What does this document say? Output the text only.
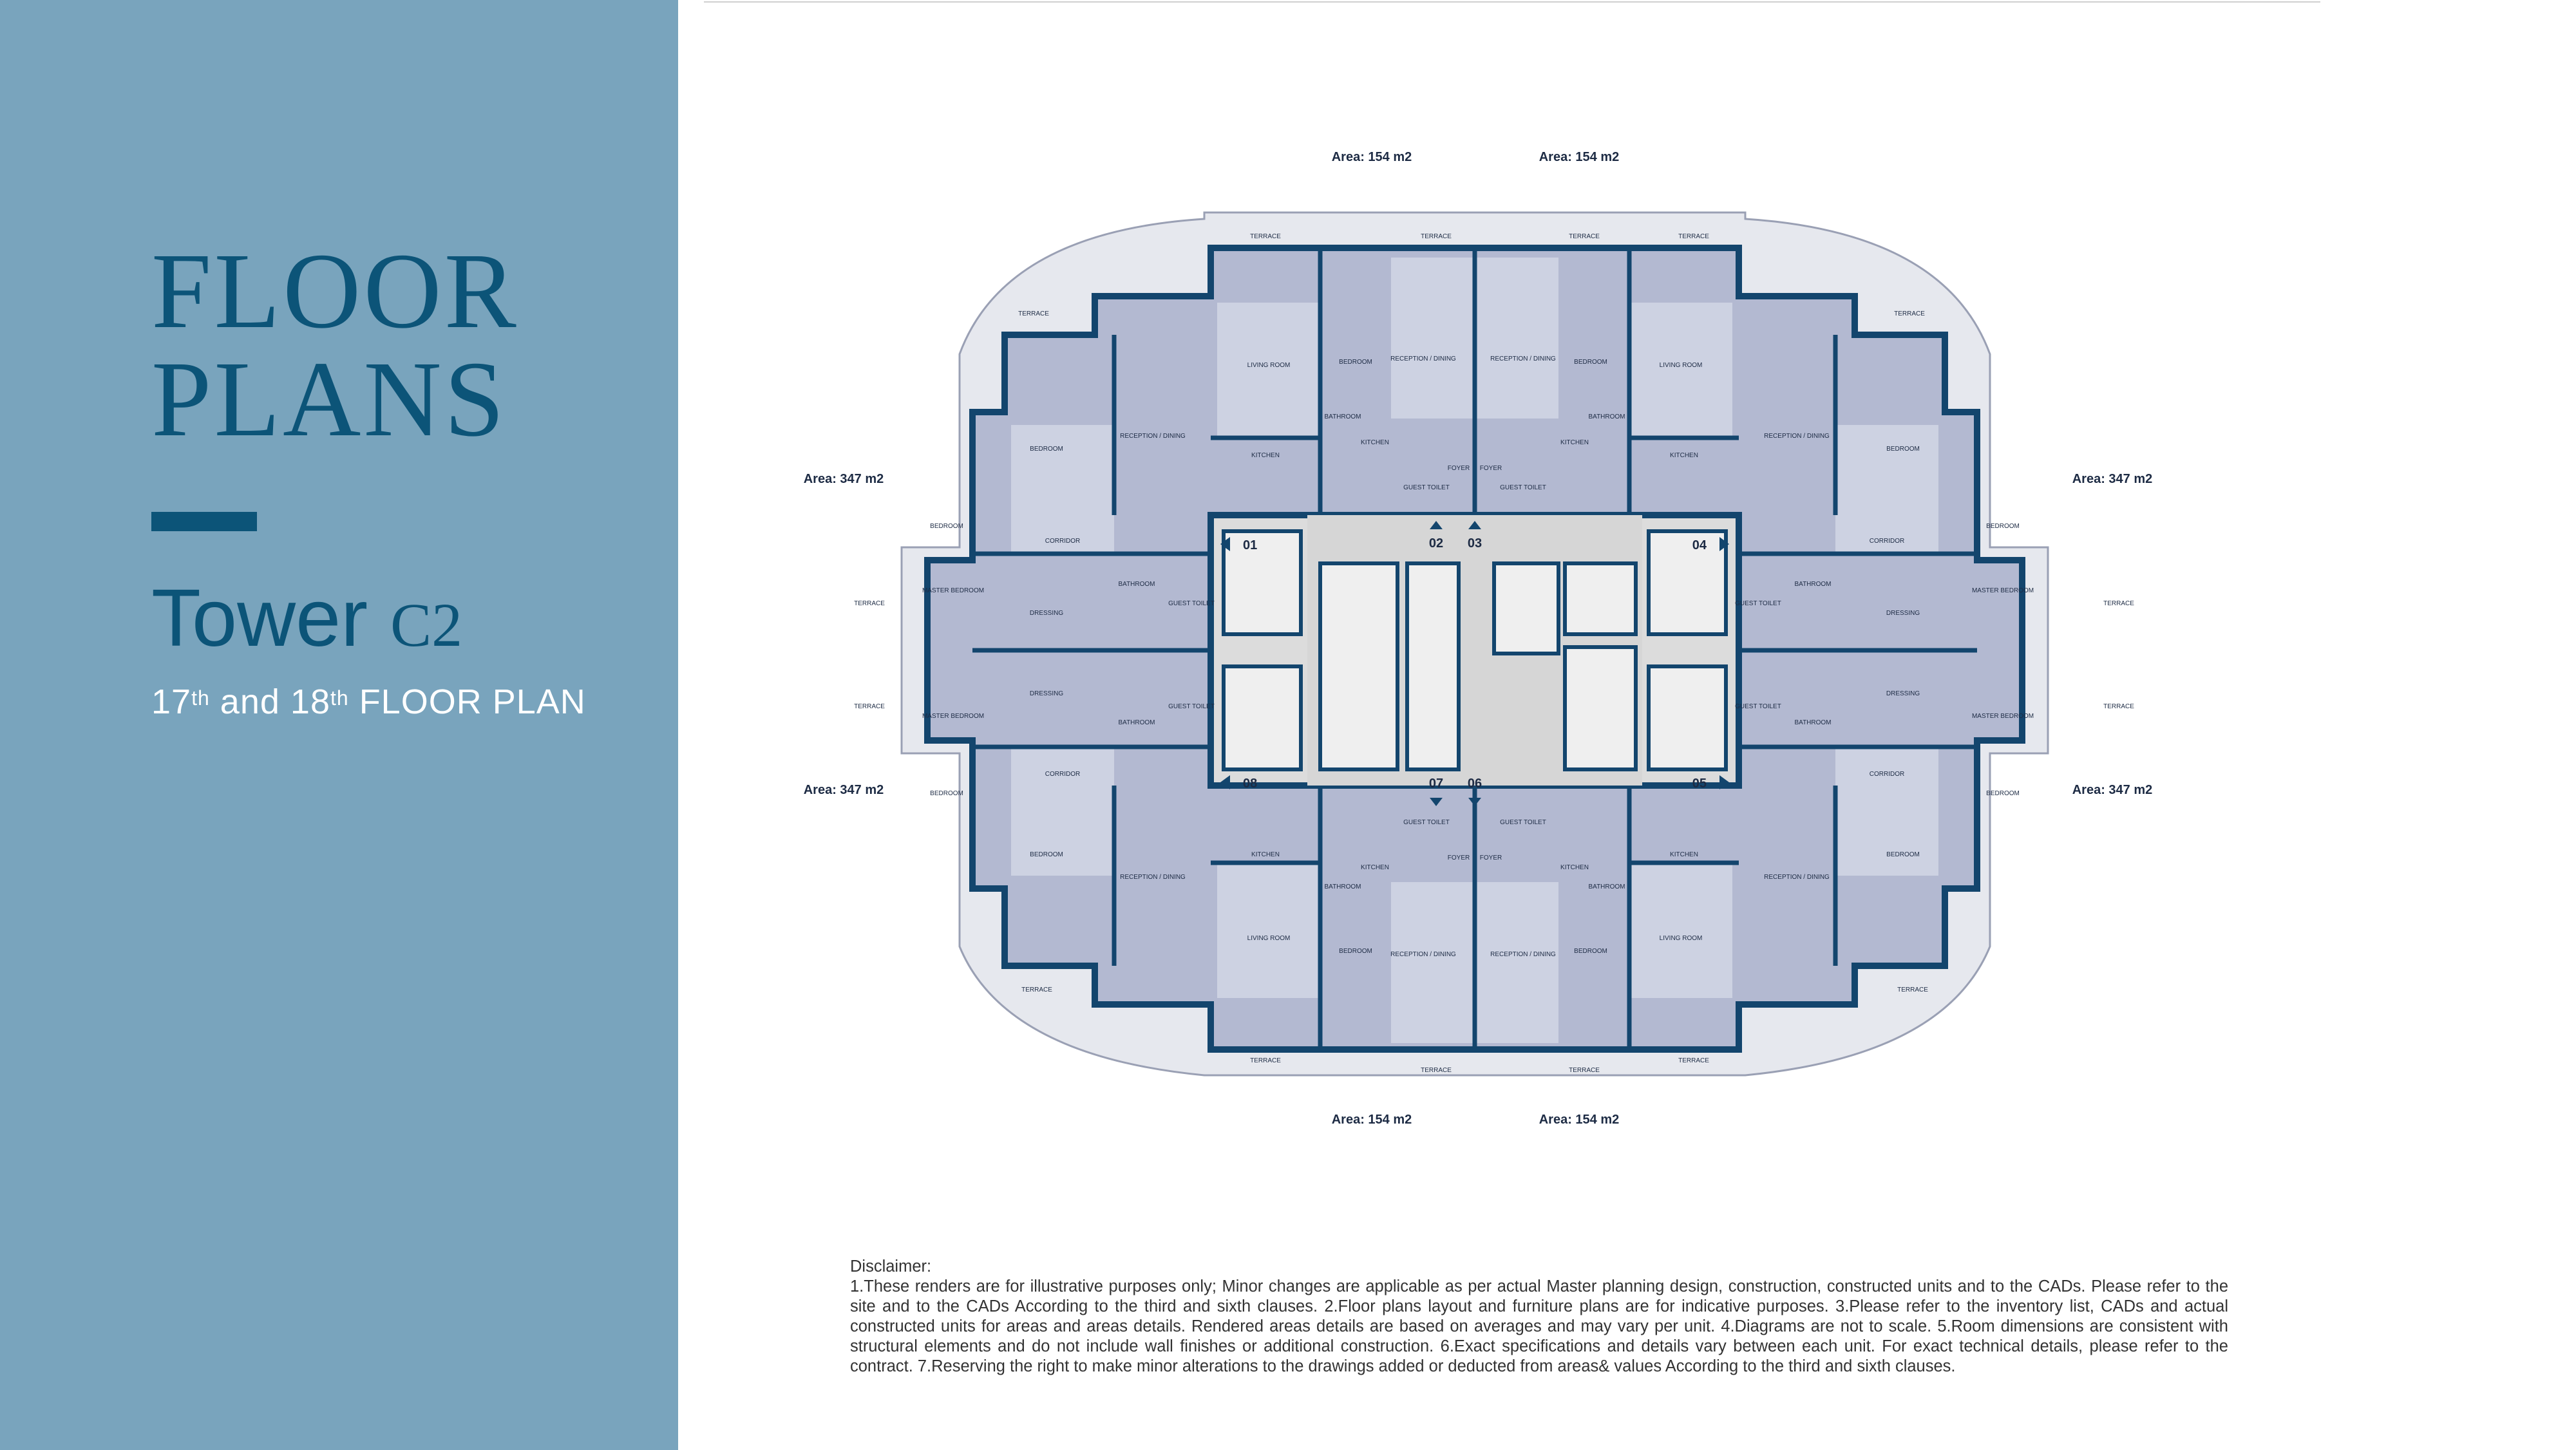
FLOOR
PLANS
Tower C2
17th and 18th FLOOR PLAN
Area: 154 m2	Area: 154 m2
Area: 347 m2	Area: 347 m2
Area: 347 m2	Area: 347 m2
Area: 154 m2	Area: 154 m2
01	02 03	04
05
06
07
08
TERRACE	TERRACE	TERRACE	TERRACE
TERRACE	TERRACE
TERRACE	TERRACE
TERRACE
TERRACE	TERRACE
TERRACE
TERRACE
TERRACE
TERRACE
TERRACE
LIVING ROOM	LIVING ROOM
LIVING ROOM	LIVING ROOM
BEDROOM	BEDROOM
BEDROOM	BEDROOM
BEDROOM	BEDROOM
BEDROOM	BEDROOM
BEDROOM	BEDROOM
BEDROOM	BEDROOM
MASTER BEDROOM
MASTER BEDROOM
MASTER BEDROOM
MASTER BEDROOM
RECEPTION / DINING	RECEPTION / DINING
RECEPTION / DINING	RECEPTION / DINING
RECEPTION / DINING	RECEPTION / DINING
RECEPTION / DINING	RECEPTION / DINING
KITCHEN
KITCHEN	KITCHEN
KITCHEN
KITCHEN
KITCHEN	KITCHEN
KITCHEN
BATHROOM	BATHROOM
BATHROOM	BATHROOM
BATHROOM
BATHROOM
BATHROOM
BATHROOM
GUEST TOILET	GUEST TOILET
GUEST TOILET	GUEST TOILET
GUEST TOILET
GUEST TOILET
GUEST TOILET
GUEST TOILET
FOYER FOYER
FOYER FOYER
CORRIDOR	CORRIDOR
CORRIDOR	CORRIDOR
DRESSING
DRESSING
DRESSING
DRESSING

Disclaimer:

1.These renders are for illustrative purposes only; Minor changes are applicable as per actual Master planning design, construction, constructed units and to the CADs. Please refer to the site and to the CADs According to the third and sixth clauses. 2.Floor plans layout and furniture plans are for indicative purposes. 3.Please refer to the inventory list, CADs and actual constructed units for areas and areas details. Rendered areas details are based on averages and may vary per unit. 4.Diagrams are not to scale. 5.Room dimensions are consistent with structural elements and do not include wall finishes or additional construction. 6.Exact specifications and details vary between each unit. For exact technical details, please refer to the contract. 7.Reserving the right to make minor alterations to the drawings added or deducted from areas& values According to the third and sixth clauses.
